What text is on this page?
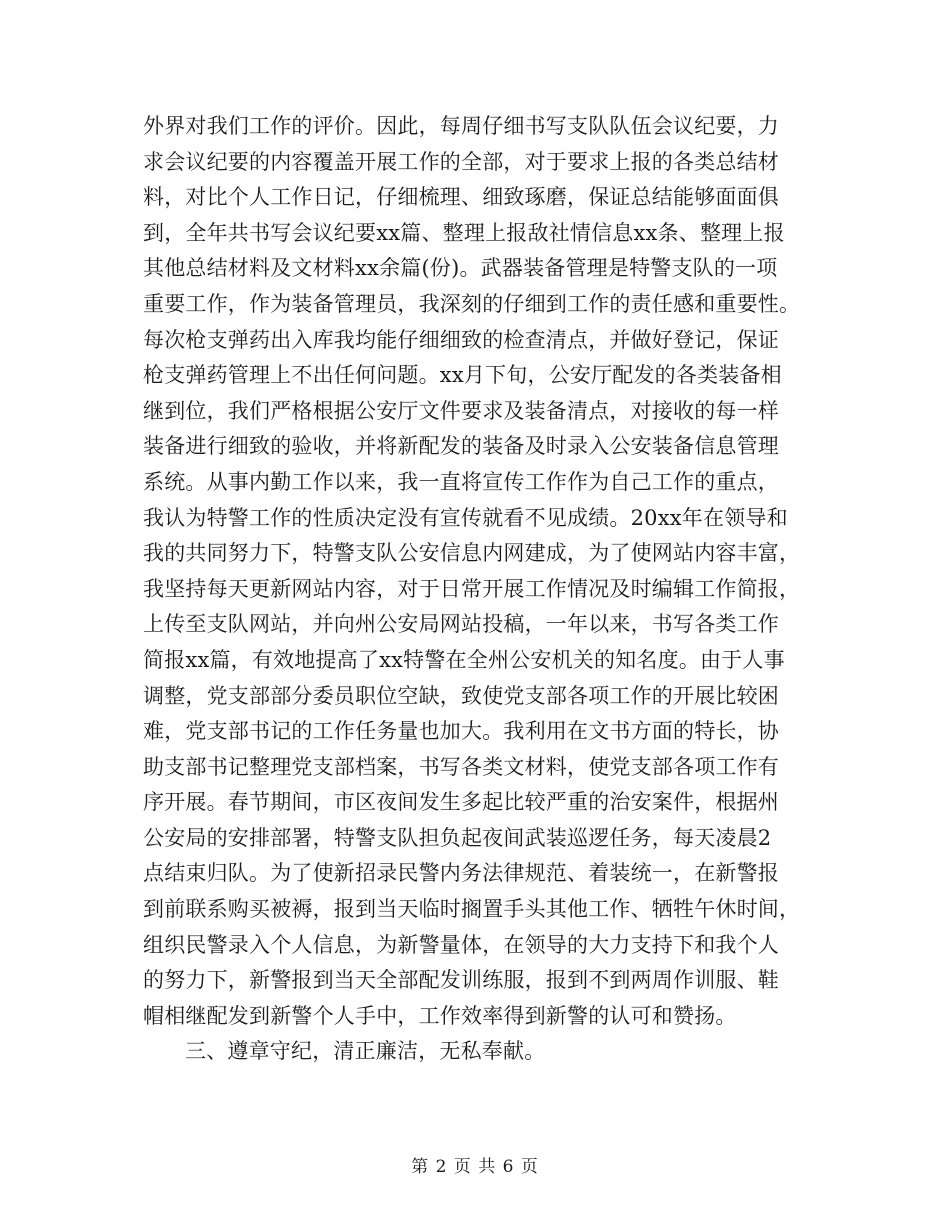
外界对我们工作的评价。因此，每周仔细书写支队队伍会议纪要，力
求会议纪要的内容覆盖开展工作的全部，对于要求上报的各类总结材
料，对比个人工作日记，仔细梳理、细致琢磨，保证总结能够面面俱
到，全年共书写会议纪要xx篇、整理上报敌社情信息xx条、整理上报
其他总结材料及文材料xx余篇(份)。武器装备管理是特警支队的一项
重要工作，作为装备管理员，我深刻的仔细到工作的责任感和重要性。
每次枪支弹药出入库我均能仔细细致的检查清点，并做好登记，保证
枪支弹药管理上不出任何问题。xx月下旬，公安厅配发的各类装备相
继到位，我们严格根据公安厅文件要求及装备清点，对接收的每一样
装备进行细致的验收，并将新配发的装备及时录入公安装备信息管理
系统。从事内勤工作以来，我一直将宣传工作作为自己工作的重点，
我认为特警工作的性质决定没有宣传就看不见成绩。20xx年在领导和
我的共同努力下，特警支队公安信息内网建成，为了使网站内容丰富，
我坚持每天更新网站内容，对于日常开展工作情况及时编辑工作简报，
上传至支队网站，并向州公安局网站投稿，一年以来，书写各类工作
简报xx篇，有效地提高了xx特警在全州公安机关的知名度。由于人事
调整，党支部部分委员职位空缺，致使党支部各项工作的开展比较困
难，党支部书记的工作任务量也加大。我利用在文书方面的特长，协
助支部书记整理党支部档案，书写各类文材料，使党支部各项工作有
序开展。春节期间，市区夜间发生多起比较严重的治安案件，根据州
公安局的安排部署，特警支队担负起夜间武装巡逻任务，每天凌晨2
点结束归队。为了使新招录民警内务法律规范、着装统一，在新警报
到前联系购买被褥，报到当天临时搁置手头其他工作、牺牲午休时间，
组织民警录入个人信息，为新警量体，在领导的大力支持下和我个人
的努力下，新警报到当天全部配发训练服，报到不到两周作训服、鞋
帽相继配发到新警个人手中，工作效率得到新警的认可和赞扬。
三、遵章守纪，清正廉洁，无私奉献。
第 2 页 共 6 页
